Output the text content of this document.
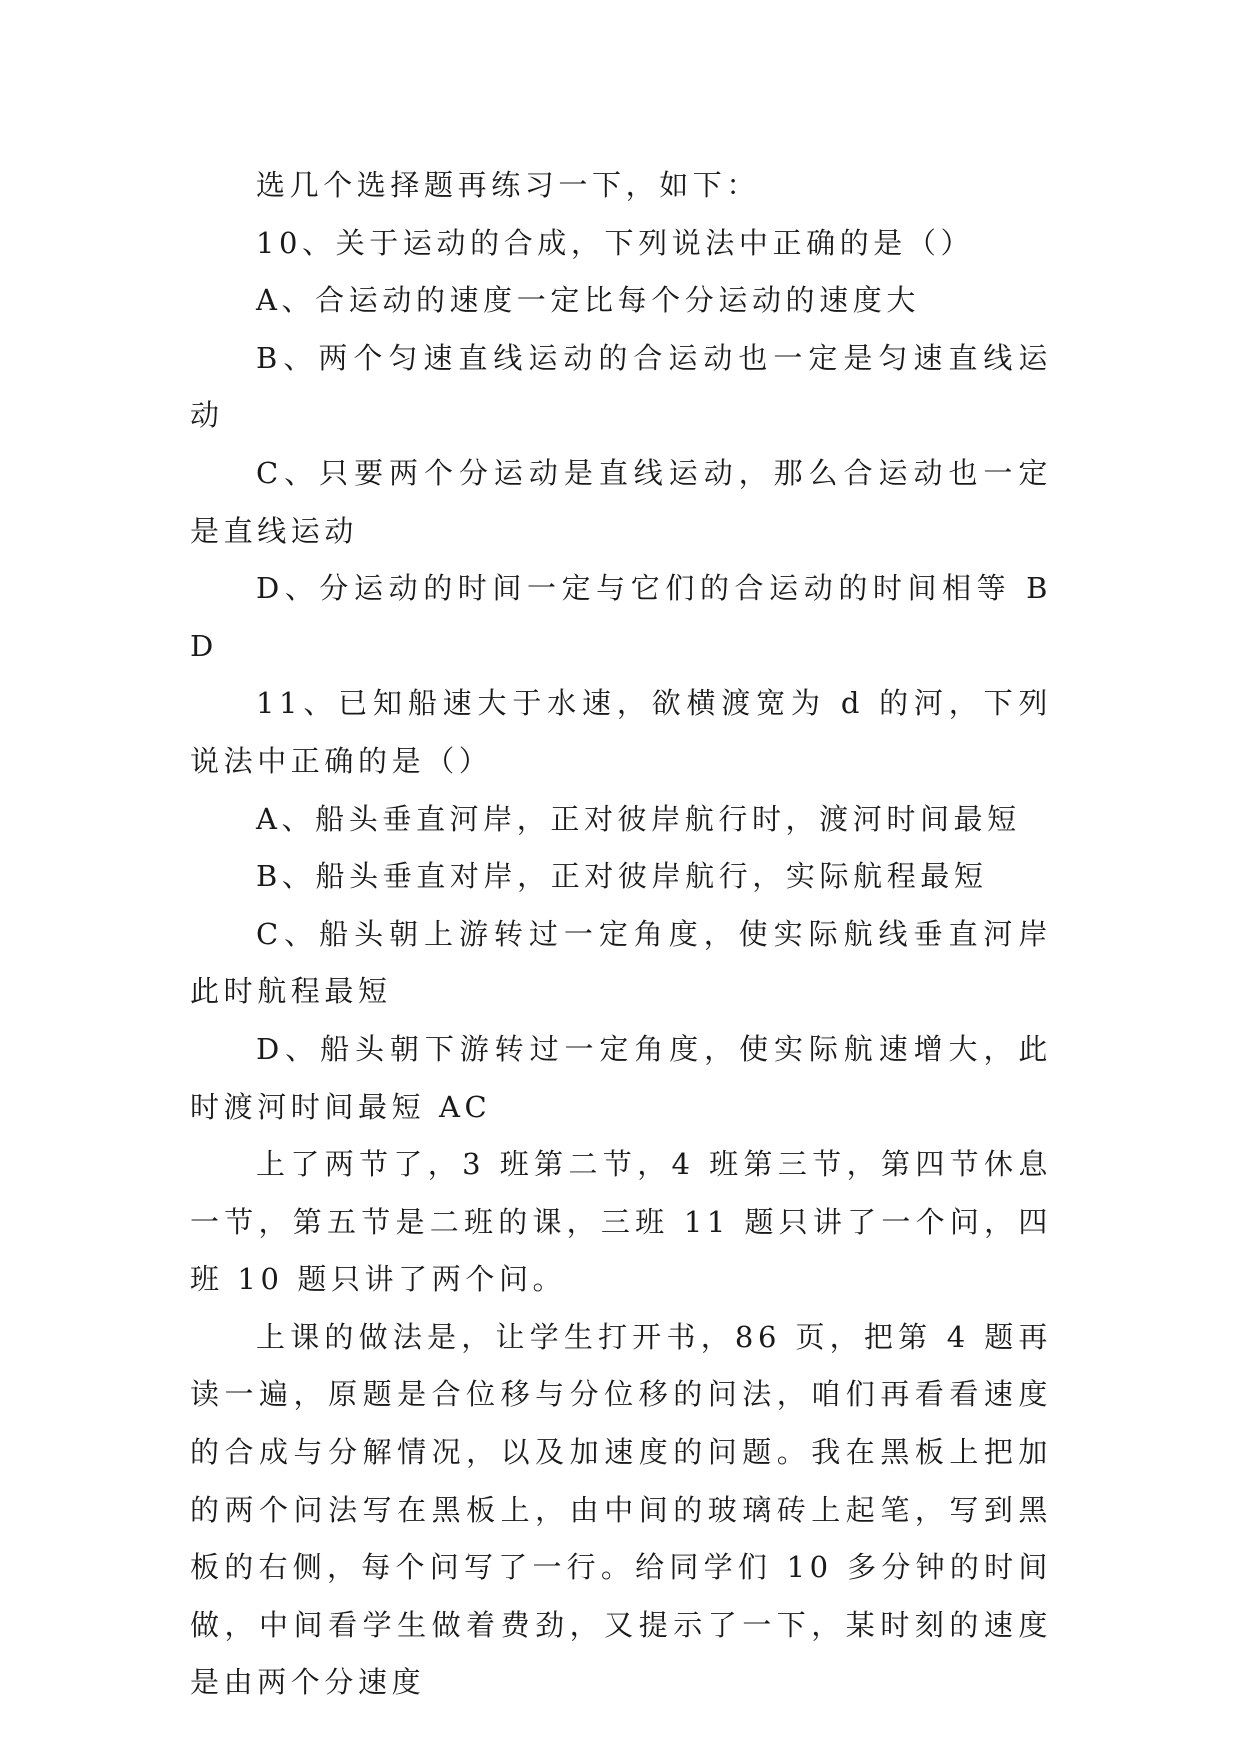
选几个选择题再练习一下，如下：

10、关于运动的合成，下列说法中正确的是（）

A、合运动的速度一定比每个分运动的速度大

B、两个匀速直线运动的合运动也一定是匀速直线运动

C、只要两个分运动是直线运动，那么合运动也一定是直线运动

D、分运动的时间一定与它们的合运动的时间相等 BD

11、已知船速大于水速，欲横渡宽为 d 的河，下列说法中正确的是（）

A、船头垂直河岸，正对彼岸航行时，渡河时间最短

B、船头垂直对岸，正对彼岸航行，实际航程最短

C、船头朝上游转过一定角度，使实际航线垂直河岸此时航程最短

D、船头朝下游转过一定角度，使实际航速增大，此时渡河时间最短 AC

上了两节了，3 班第二节，4 班第三节，第四节休息一节，第五节是二班的课，三班 11 题只讲了一个问，四班 10 题只讲了两个问。

上课的做法是，让学生打开书，86 页，把第 4 题再读一遍，原题是合位移与分位移的问法，咱们再看看速度的合成与分解情况，以及加速度的问题。我在黑板上把加的两个问法写在黑板上，由中间的玻璃砖上起笔，写到黑板的右侧，每个问写了一行。给同学们 10 多分钟的时间做，中间看学生做着费劲，又提示了一下，某时刻的速度是由两个分速度
